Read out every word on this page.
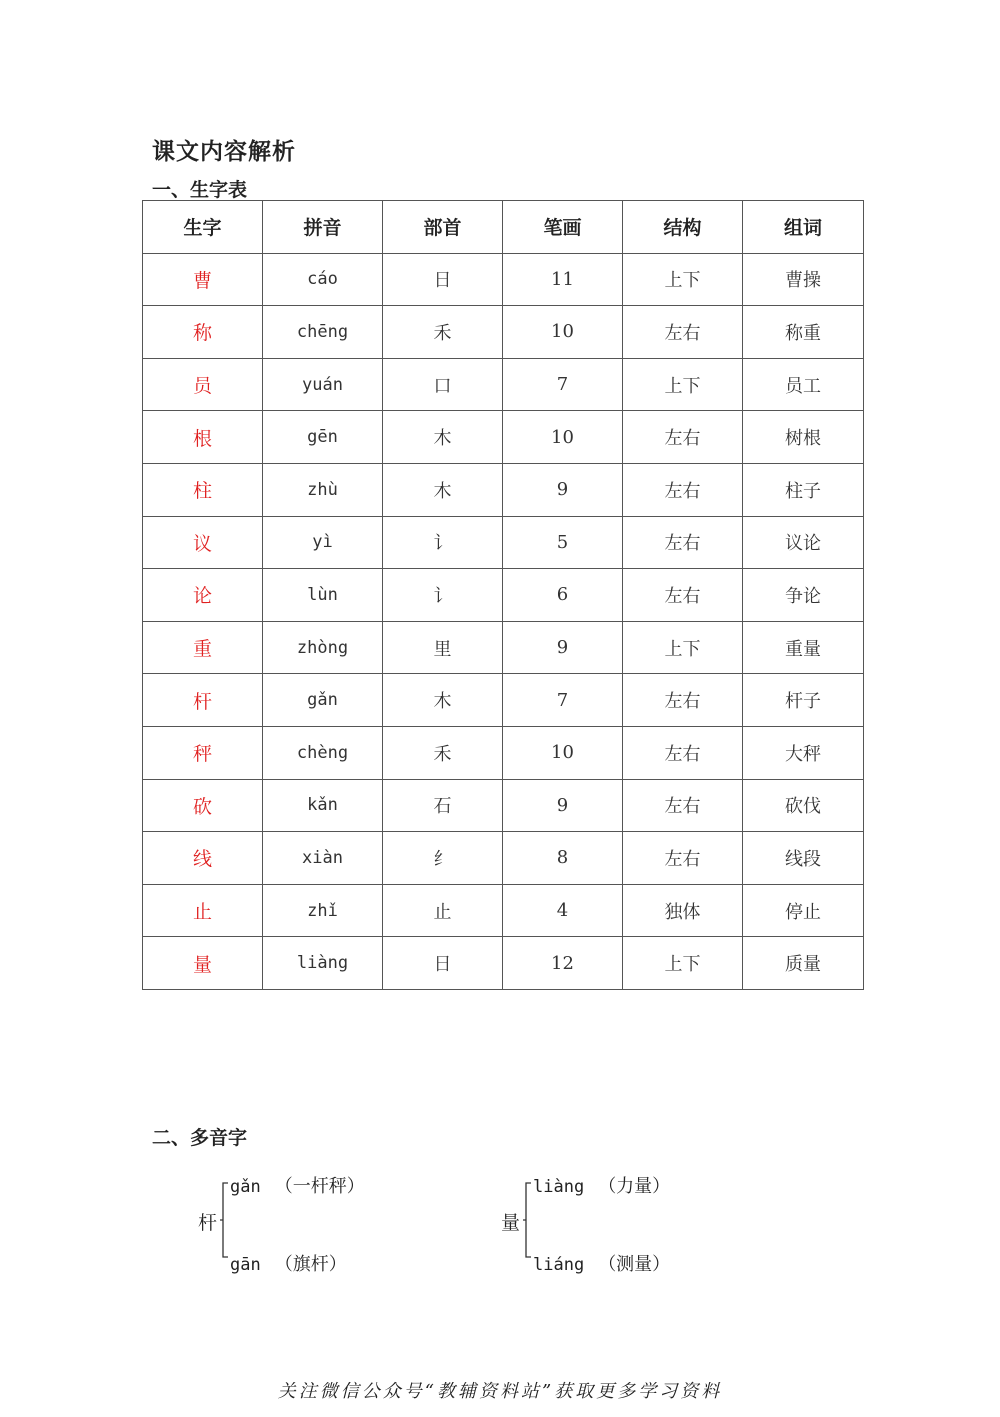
课文内容解析
一、生字表
生字	拼音	部首	笔画	结构	组词
曹	cáo	日	11	上下	曹操
称	chēng	禾	10	左右	称重
员	yuán	口	7	上下	员工
根	gēn	木	10	左右	树根
柱	zhù	木	9	左右	柱子
议	yì	讠	5	左右	议论
论	lùn	讠	6	左右	争论
重	zhòng	里	9	上下	重量
杆	gǎn	木	7	左右	杆子
秤	chèng	禾	10	左右	大秤
砍	kǎn	石	9	左右	砍伐
线	xiàn	纟	8	左右	线段
止	zhǐ	止	4	独体	停止
量	liàng	日	12	上下	质量
二、多音字
杆
gǎn （一杆秤）
gān （旗杆）
量
liàng （力量）
liáng （测量）
关注微信公众号“教辅资料站”获取更多学习资料
